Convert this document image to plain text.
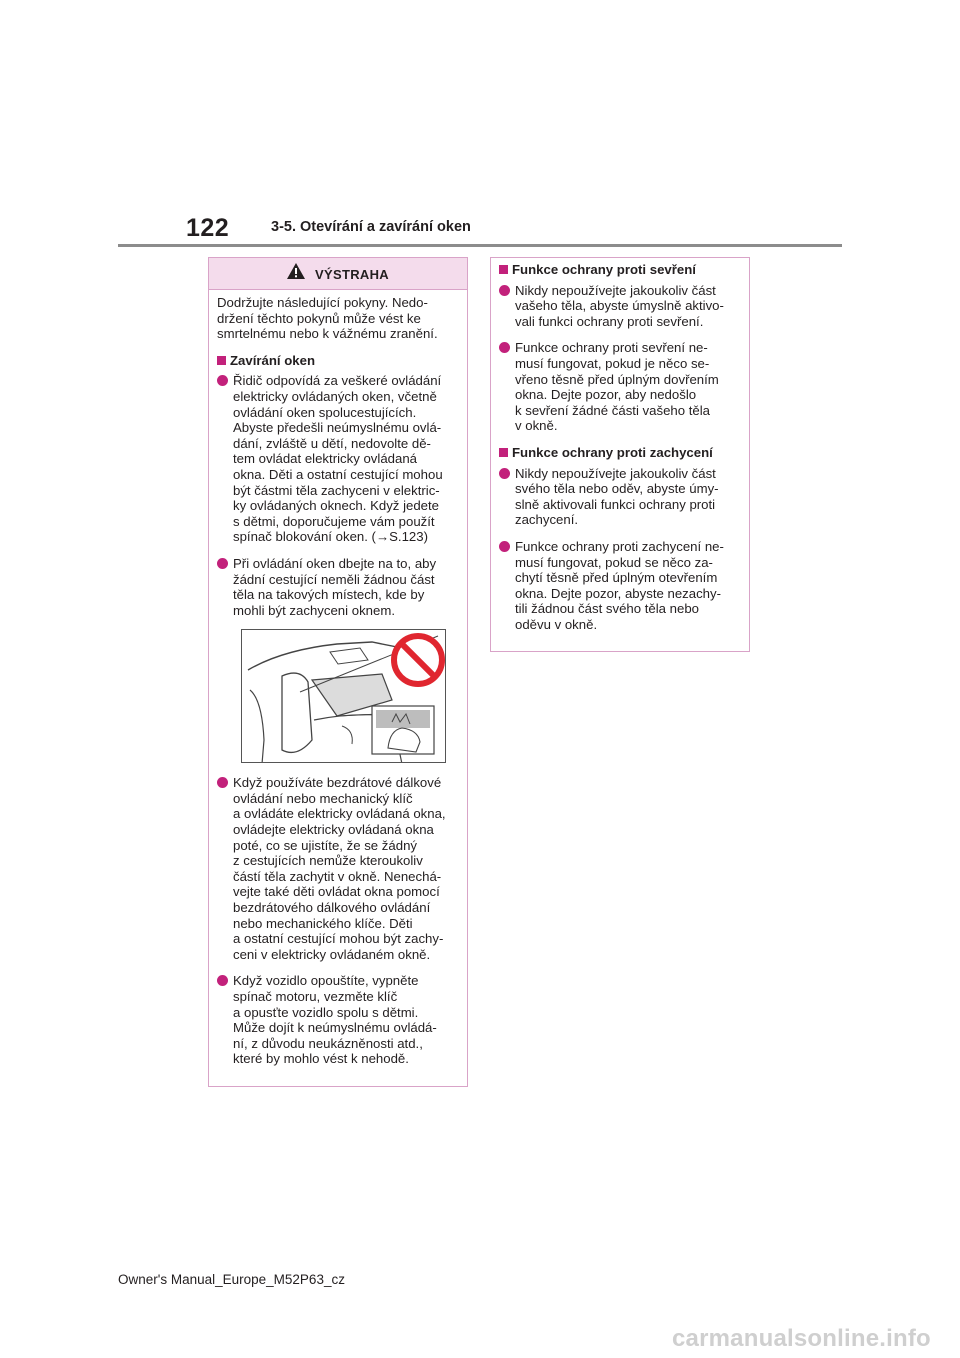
122	3-5. Otevírání a zavírání oken
VÝSTRAHA

Dodržujte následující pokyny. Nedo-
držení těchto pokynů může vést ke
smrtelnému nebo k vážnému zranění.

Zavírání oken
Řidič odpovídá za veškeré ovládání
elektricky ovládaných oken, včetně
ovládání oken spolucestujících.
Abyste předešli neúmyslnému ovlá-
dání, zvláště u dětí, nedovolte dě-
tem ovládat elektricky ovládaná
okna. Děti a ostatní cestující mohou
být částmi těla zachyceni v elektric-
ky ovládaných oknech. Když jedete
s dětmi, doporučujeme vám použít
spínač blokování oken. (→S.123)
Při ovládání oken dbejte na to, aby
žádní cestující neměli žádnou část
těla na takových místech, kde by
mohli být zachyceni oknem.
Když používáte bezdrátové dálkové
ovládání nebo mechanický klíč
a ovládáte elektricky ovládaná okna,
ovládejte elektricky ovládaná okna
poté, co se ujistíte, že se žádný
z cestujících nemůže kteroukoliv
částí těla zachytit v okně. Nenechá-
vejte také děti ovládat okna pomocí
bezdrátového dálkového ovládání
nebo mechanického klíče. Děti
a ostatní cestující mohou být zachy-
ceni v elektricky ovládaném okně.
Když vozidlo opouštíte, vypněte
spínač motoru, vezměte klíč
a opusťte vozidlo spolu s dětmi.
Může dojít k neúmyslnému ovládá-
ní, z důvodu neukázněnosti atd.,
které by mohlo vést k nehodě.
Funkce ochrany proti sevření
Nikdy nepoužívejte jakoukoliv část
vašeho těla, abyste úmyslně aktivo-
vali funkci ochrany proti sevření.
Funkce ochrany proti sevření ne-
musí fungovat, pokud je něco se-
vřeno těsně před úplným dovřením
okna. Dejte pozor, aby nedošlo
k sevření žádné části vašeho těla
v okně.
Funkce ochrany proti zachycení
Nikdy nepoužívejte jakoukoliv část
svého těla nebo oděv, abyste úmy-
slně aktivovali funkci ochrany proti
zachycení.
Funkce ochrany proti zachycení ne-
musí fungovat, pokud se něco za-
chytí těsně před úplným otevřením
okna. Dejte pozor, abyste nezachy-
tili žádnou část svého těla nebo
oděvu v okně.
Owner's Manual_Europe_M52P63_cz
carmanualsonline.info
